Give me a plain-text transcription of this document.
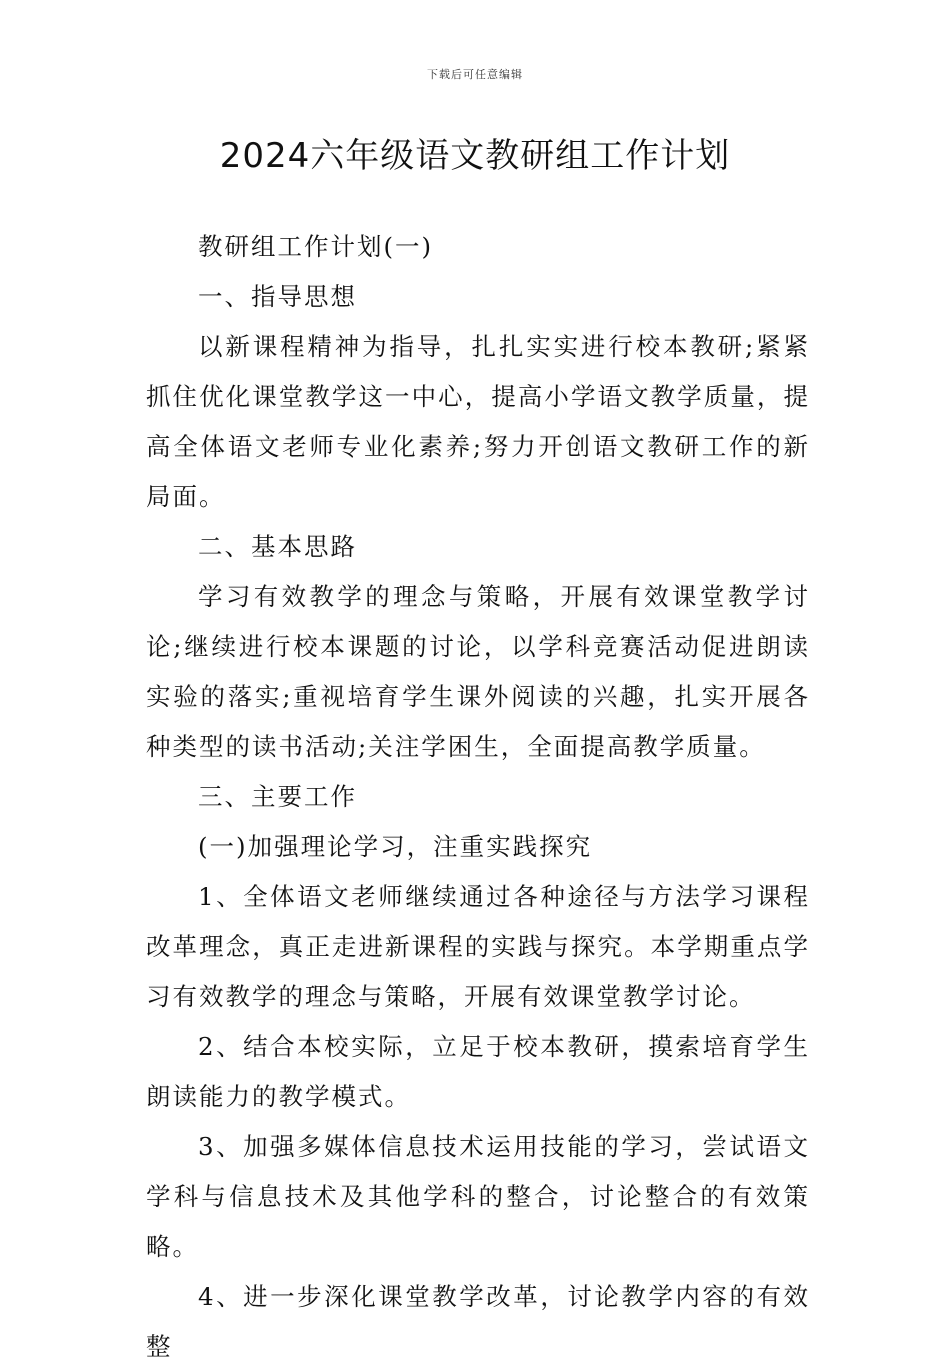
下载后可任意编辑
2024六年级语文教研组工作计划

教研组工作计划(一)

一、指导思想

以新课程精神为指导，扎扎实实进行校本教研;紧紧抓住优化课堂教学这一中心，提高小学语文教学质量，提高全体语文老师专业化素养;努力开创语文教研工作的新局面。

二、基本思路

学习有效教学的理念与策略，开展有效课堂教学讨论;继续进行校本课题的讨论，以学科竞赛活动促进朗读实验的落实;重视培育学生课外阅读的兴趣，扎实开展各种类型的读书活动;关注学困生，全面提高教学质量。

三、主要工作

(一)加强理论学习，注重实践探究

1、全体语文老师继续通过各种途径与方法学习课程改革理念，真正走进新课程的实践与探究。本学期重点学习有效教学的理念与策略，开展有效课堂教学讨论。

2、结合本校实际，立足于校本教研，摸索培育学生朗读能力的教学模式。

3、加强多媒体信息技术运用技能的学习，尝试语文学科与信息技术及其他学科的整合，讨论整合的有效策略。

4、进一步深化课堂教学改革，讨论教学内容的有效整
